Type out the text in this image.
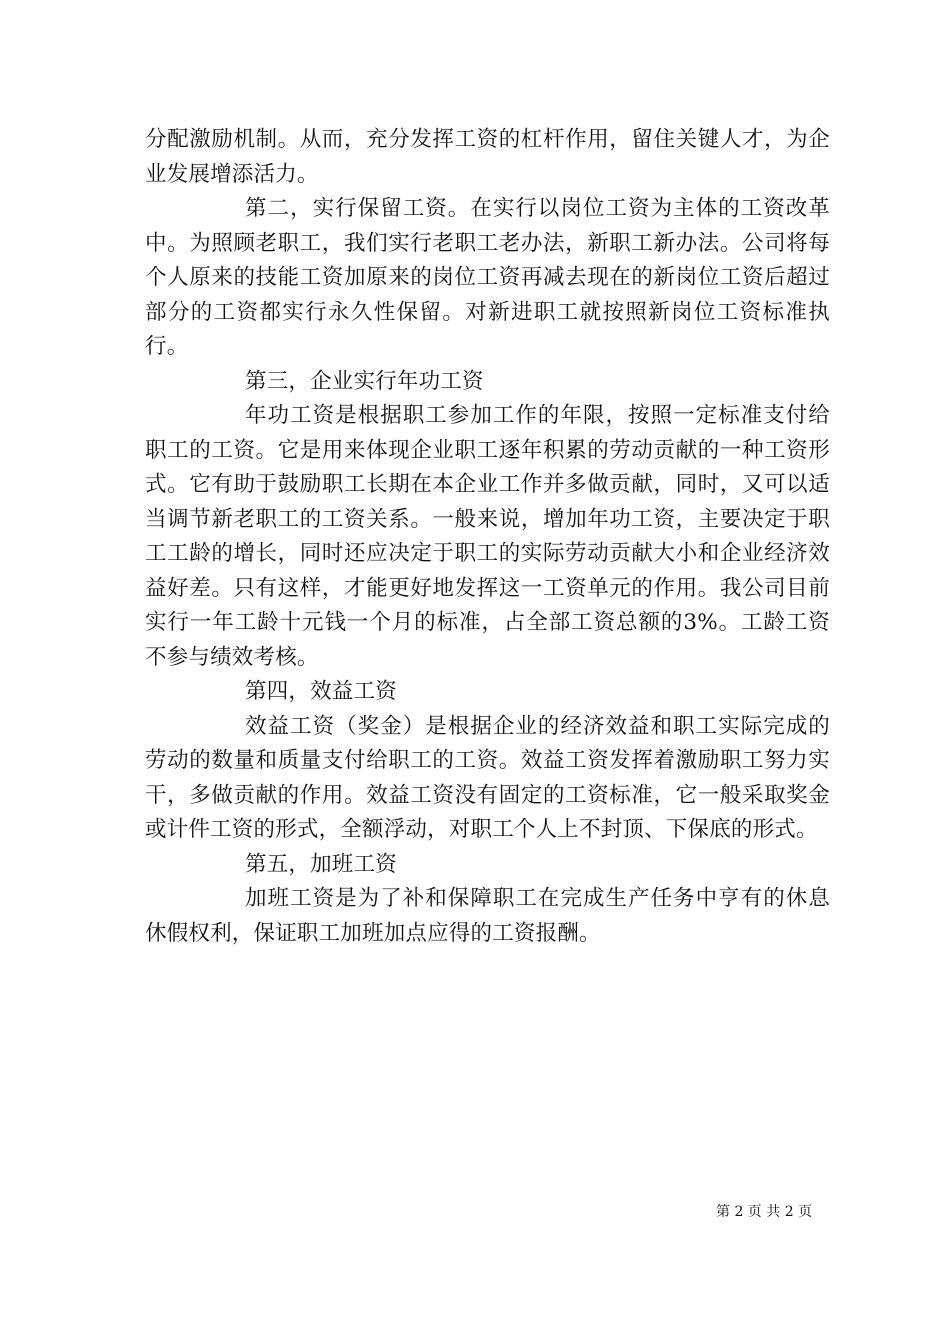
分配激励机制。从而，充分发挥工资的杠杆作用，留住关键人才，为企业发展增添活力。

第二，实行保留工资。在实行以岗位工资为主体的工资改革中。为照顾老职工，我们实行老职工老办法，新职工新办法。公司将每个人原来的技能工资加原来的岗位工资再减去现在的新岗位工资后超过部分的工资都实行永久性保留。对新进职工就按照新岗位工资标准执行。

第三，企业实行年功工资

年功工资是根据职工参加工作的年限，按照一定标准支付给职工的工资。它是用来体现企业职工逐年积累的劳动贡献的一种工资形式。它有助于鼓励职工长期在本企业工作并多做贡献，同时，又可以适当调节新老职工的工资关系。一般来说，增加年功工资，主要决定于职工工龄的增长，同时还应决定于职工的实际劳动贡献大小和企业经济效益好差。只有这样，才能更好地发挥这一工资单元的作用。我公司目前实行一年工龄十元钱一个月的标准，占全部工资总额的3%。工龄工资不参与绩效考核。

第四，效益工资

效益工资（奖金）是根据企业的经济效益和职工实际完成的劳动的数量和质量支付给职工的工资。效益工资发挥着激励职工努力实干，多做贡献的作用。效益工资没有固定的工资标准，它一般采取奖金或计件工资的形式，全额浮动，对职工个人上不封顶、下保底的形式。

第五，加班工资

加班工资是为了补和保障职工在完成生产任务中亨有的休息休假权利，保证职工加班加点应得的工资报酬。

第 2 页 共 2 页
